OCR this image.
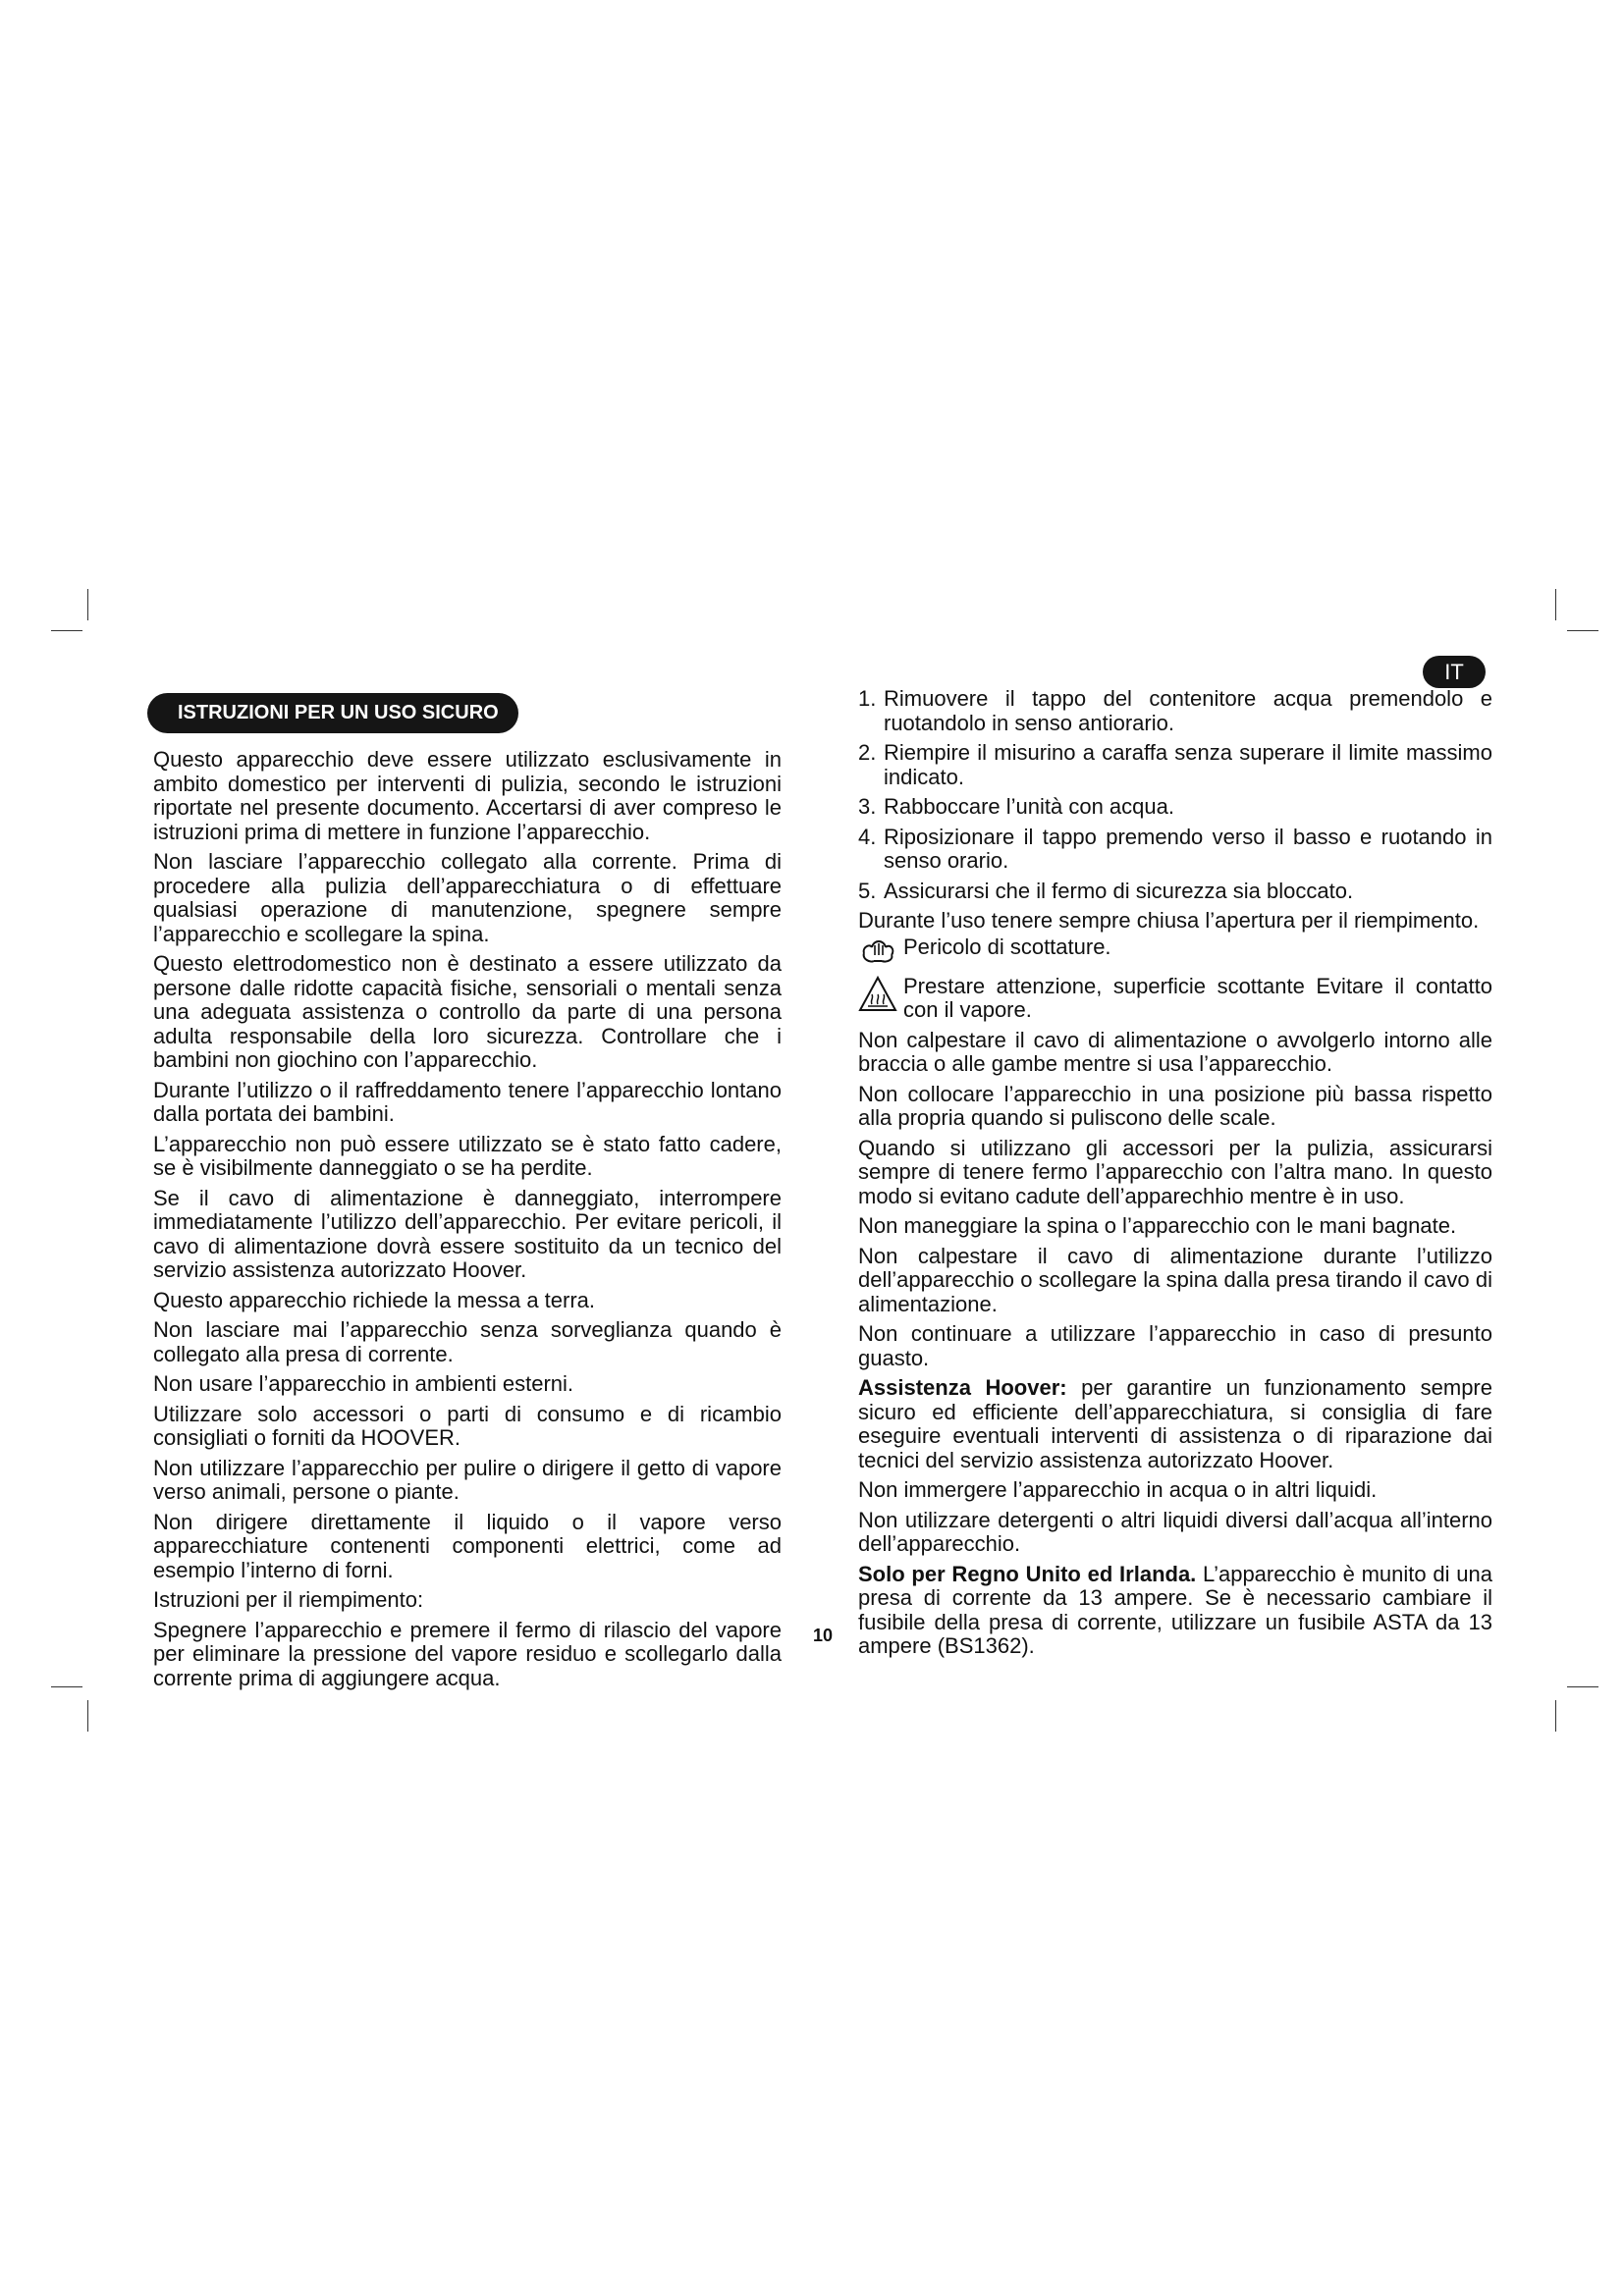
ISTRUZIONI PER UN USO SICURO
IT

Questo apparecchio deve essere utilizzato esclusivamente in ambito domestico per interventi di pulizia, secondo le istruzioni riportate nel presente documento. Accertarsi di aver compreso le istruzioni prima di mettere in funzione l’apparecchio.

Non lasciare l’apparecchio collegato alla corrente. Prima di procedere alla pulizia dell’apparecchiatura o di effettuare qualsiasi operazione di manutenzione, spegnere sempre l’apparecchio e scollegare la spina.

Questo elettrodomestico non è destinato a essere utilizzato da persone dalle ridotte capacità fisiche, sensoriali o mentali senza una adeguata assistenza o controllo da parte di una persona adulta responsabile della loro sicurezza. Controllare che i bambini non giochino con l’apparecchio.

Durante l’utilizzo o il raffreddamento tenere l’apparecchio lontano dalla portata dei bambini.

L’apparecchio non può essere utilizzato se è stato fatto cadere, se è visibilmente danneggiato o se ha perdite.

Se il cavo di alimentazione è danneggiato, interrompere immediatamente l’utilizzo dell’apparecchio. Per evitare pericoli, il cavo di alimentazione dovrà essere sostituito da un tecnico del servizio assistenza autorizzato Hoover.

Questo apparecchio richiede la messa a terra.

Non lasciare mai l’apparecchio senza sorveglianza quando è collegato alla presa di corrente.

Non usare l’apparecchio in ambienti esterni.

Utilizzare solo accessori o parti di consumo e di ricambio consigliati o forniti da HOOVER.

Non utilizzare l’apparecchio per pulire o dirigere il getto di vapore verso animali, persone o piante.

Non dirigere direttamente il liquido o il vapore verso apparecchiature contenenti componenti elettrici, come ad esempio l’interno di forni.

Istruzioni per il riempimento:

Spegnere l’apparecchio e premere il fermo di rilascio del vapore per eliminare la pressione del vapore residuo e scollegarlo dalla corrente prima di aggiungere acqua.

1. Rimuovere il tappo del contenitore acqua premendolo e ruotandolo in senso antiorario.
2. Riempire il misurino a caraffa senza superare il limite massimo indicato.
3. Rabboccare l’unità con acqua.
4. Riposizionare il tappo premendo verso il basso e ruotando in senso orario.
5. Assicurarsi che il fermo di sicurezza sia bloccato.

Durante l’uso tenere sempre chiusa l’apertura per il riempimento.

Pericolo di scottature.
Prestare attenzione, superficie scottante Evitare il contatto con il vapore.

Non calpestare il cavo di alimentazione o avvolgerlo intorno alle braccia o alle gambe mentre si usa l’apparecchio.

Non collocare l’apparecchio in una posizione più bassa rispetto alla propria quando si puliscono delle scale.

Quando si utilizzano gli accessori per la pulizia, assicurarsi sempre di tenere fermo l’apparecchio con l’altra mano. In questo modo si evitano cadute dell’apparechhio mentre è in uso.

Non maneggiare la spina o l’apparecchio con le mani bagnate.

Non calpestare il cavo di alimentazione durante l’utilizzo dell’apparecchio o scollegare la spina dalla presa tirando il cavo di alimentazione.

Non continuare a utilizzare l’apparecchio in caso di presunto guasto.

Assistenza Hoover: per garantire un funzionamento sempre sicuro ed efficiente dell’apparecchiatura, si consiglia di fare eseguire eventuali interventi di assistenza o di riparazione dai tecnici del servizio assistenza autorizzato Hoover.

Non immergere l’apparecchio in acqua o in altri liquidi.

Non utilizzare detergenti o altri liquidi diversi dall’acqua all’interno dell’apparecchio.

Solo per Regno Unito ed Irlanda. L’apparecchio è munito di una presa di corrente da 13 ampere. Se è necessario cambiare il fusibile della presa di corrente, utilizzare un fusibile ASTA da 13 ampere (BS1362).

10
